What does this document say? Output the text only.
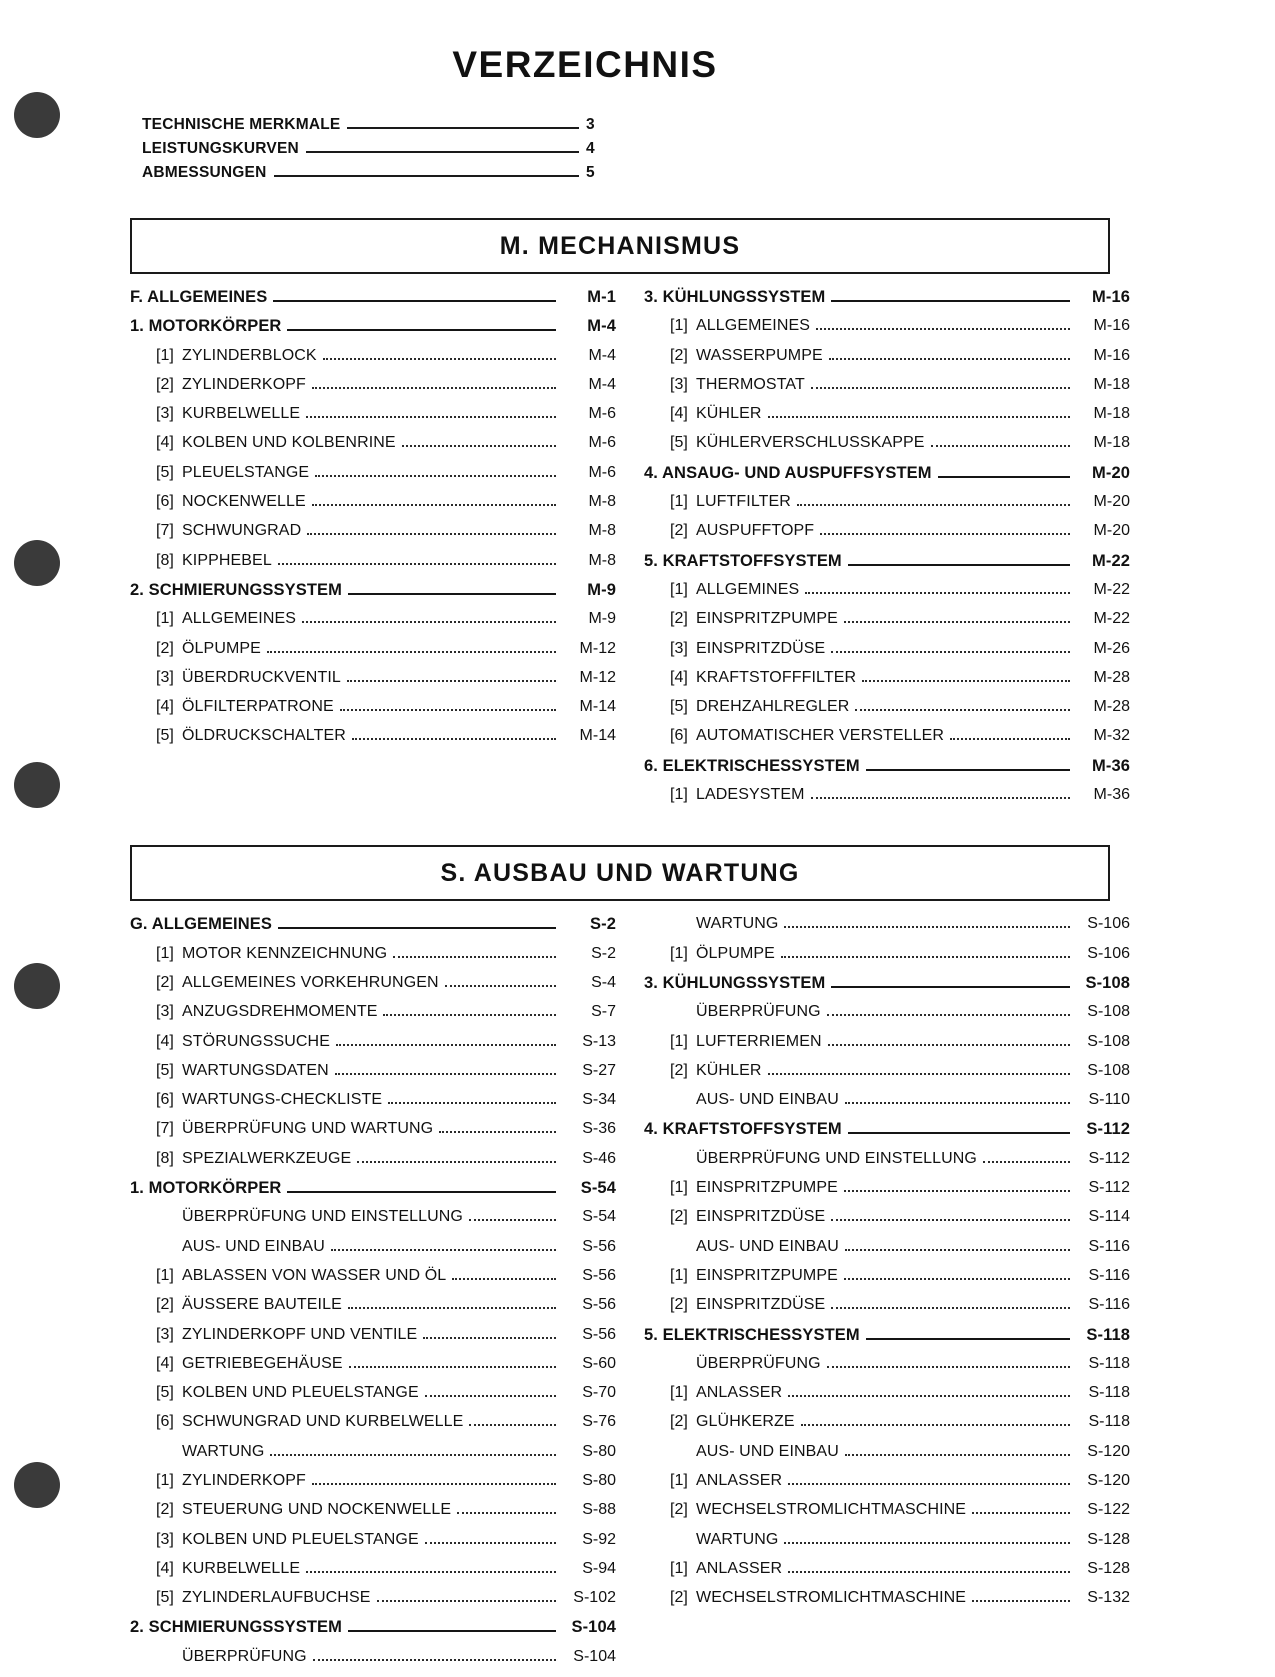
VERZEICHNIS
TECHNISCHE MERKMALE	3
LEISTUNGSKURVEN	4
ABMESSUNGEN	5
M. MECHANISMUS
F. ALLGEMEINES	M-1
1. MOTORKÖRPER	M-4
[1] ZYLINDERBLOCK	M-4
[2] ZYLINDERKOPF	M-4
[3] KURBELWELLE	M-6
[4] KOLBEN UND KOLBENRINE	M-6
[5] PLEUELSTANGE	M-6
[6] NOCKENWELLE	M-8
[7] SCHWUNGRAD	M-8
[8] KIPPHEBEL	M-8
2. SCHMIERUNGSSYSTEM	M-9
[1] ALLGEMEINES	M-9
[2] ÖLPUMPE	M-12
[3] ÜBERDRUCKVENTIL	M-12
[4] ÖLFILTERPATRONE	M-14
[5] ÖLDRUCKSCHALTER	M-14
3. KÜHLUNGSSYSTEM	M-16
[1] ALLGEMEINES	M-16
[2] WASSERPUMPE	M-16
[3] THERMOSTAT	M-18
[4] KÜHLER	M-18
[5] KÜHLERVERSCHLUSSKAPPE	M-18
4. ANSAUG- UND AUSPUFFSYSTEM	M-20
[1] LUFTFILTER	M-20
[2] AUSPUFFTOPF	M-20
5. KRAFTSTOFFSYSTEM	M-22
[1] ALLGEMINES	M-22
[2] EINSPRITZPUMPE	M-22
[3] EINSPRITZDÜSE	M-26
[4] KRAFTSTOFFFILTER	M-28
[5] DREHZAHLREGLER	M-28
[6] AUTOMATISCHER VERSTELLER	M-32
6. ELEKTRISCHESSYSTEM	M-36
[1] LADESYSTEM	M-36
S. AUSBAU UND WARTUNG
G. ALLGEMEINES	S-2
[1] MOTOR KENNZEICHNUNG	S-2
[2] ALLGEMEINES VORKEHRUNGEN	S-4
[3] ANZUGSDREHMOMENTE	S-7
[4] STÖRUNGSSUCHE	S-13
[5] WARTUNGSDATEN	S-27
[6] WARTUNGS-CHECKLISTE	S-34
[7] ÜBERPRÜFUNG UND WARTUNG	S-36
[8] SPEZIALWERKZEUGE	S-46
1. MOTORKÖRPER	S-54
ÜBERPRÜFUNG UND EINSTELLUNG	S-54
AUS- UND EINBAU	S-56
[1] ABLASSEN VON WASSER UND ÖL	S-56
[2] ÄUSSERE BAUTEILE	S-56
[3] ZYLINDERKOPF UND VENTILE	S-56
[4] GETRIEBEGEHÄUSE	S-60
[5] KOLBEN UND PLEUELSTANGE	S-70
[6] SCHWUNGRAD UND KURBELWELLE	S-76
WARTUNG	S-80
[1] ZYLINDERKOPF	S-80
[2] STEUERUNG UND NOCKENWELLE	S-88
[3] KOLBEN UND PLEUELSTANGE	S-92
[4] KURBELWELLE	S-94
[5] ZYLINDERLAUFBUCHSE	S-102
2. SCHMIERUNGSSYSTEM	S-104
ÜBERPRÜFUNG	S-104
WARTUNG	S-106
[1] ÖLPUMPE	S-106
3. KÜHLUNGSSYSTEM	S-108
ÜBERPRÜFUNG	S-108
[1] LUFTERRIEMEN	S-108
[2] KÜHLER	S-108
AUS- UND EINBAU	S-110
4. KRAFTSTOFFSYSTEM	S-112
ÜBERPRÜFUNG UND EINSTELLUNG	S-112
[1] EINSPRITZPUMPE	S-112
[2] EINSPRITZDÜSE	S-114
AUS- UND EINBAU	S-116
[1] EINSPRITZPUMPE	S-116
[2] EINSPRITZDÜSE	S-116
5. ELEKTRISCHESSYSTEM	S-118
ÜBERPRÜFUNG	S-118
[1] ANLASSER	S-118
[2] GLÜHKERZE	S-118
AUS- UND EINBAU	S-120
[1] ANLASSER	S-120
[2] WECHSELSTROMLICHTMASCHINE	S-122
WARTUNG	S-128
[1] ANLASSER	S-128
[2] WECHSELSTROMLICHTMASCHINE	S-132
